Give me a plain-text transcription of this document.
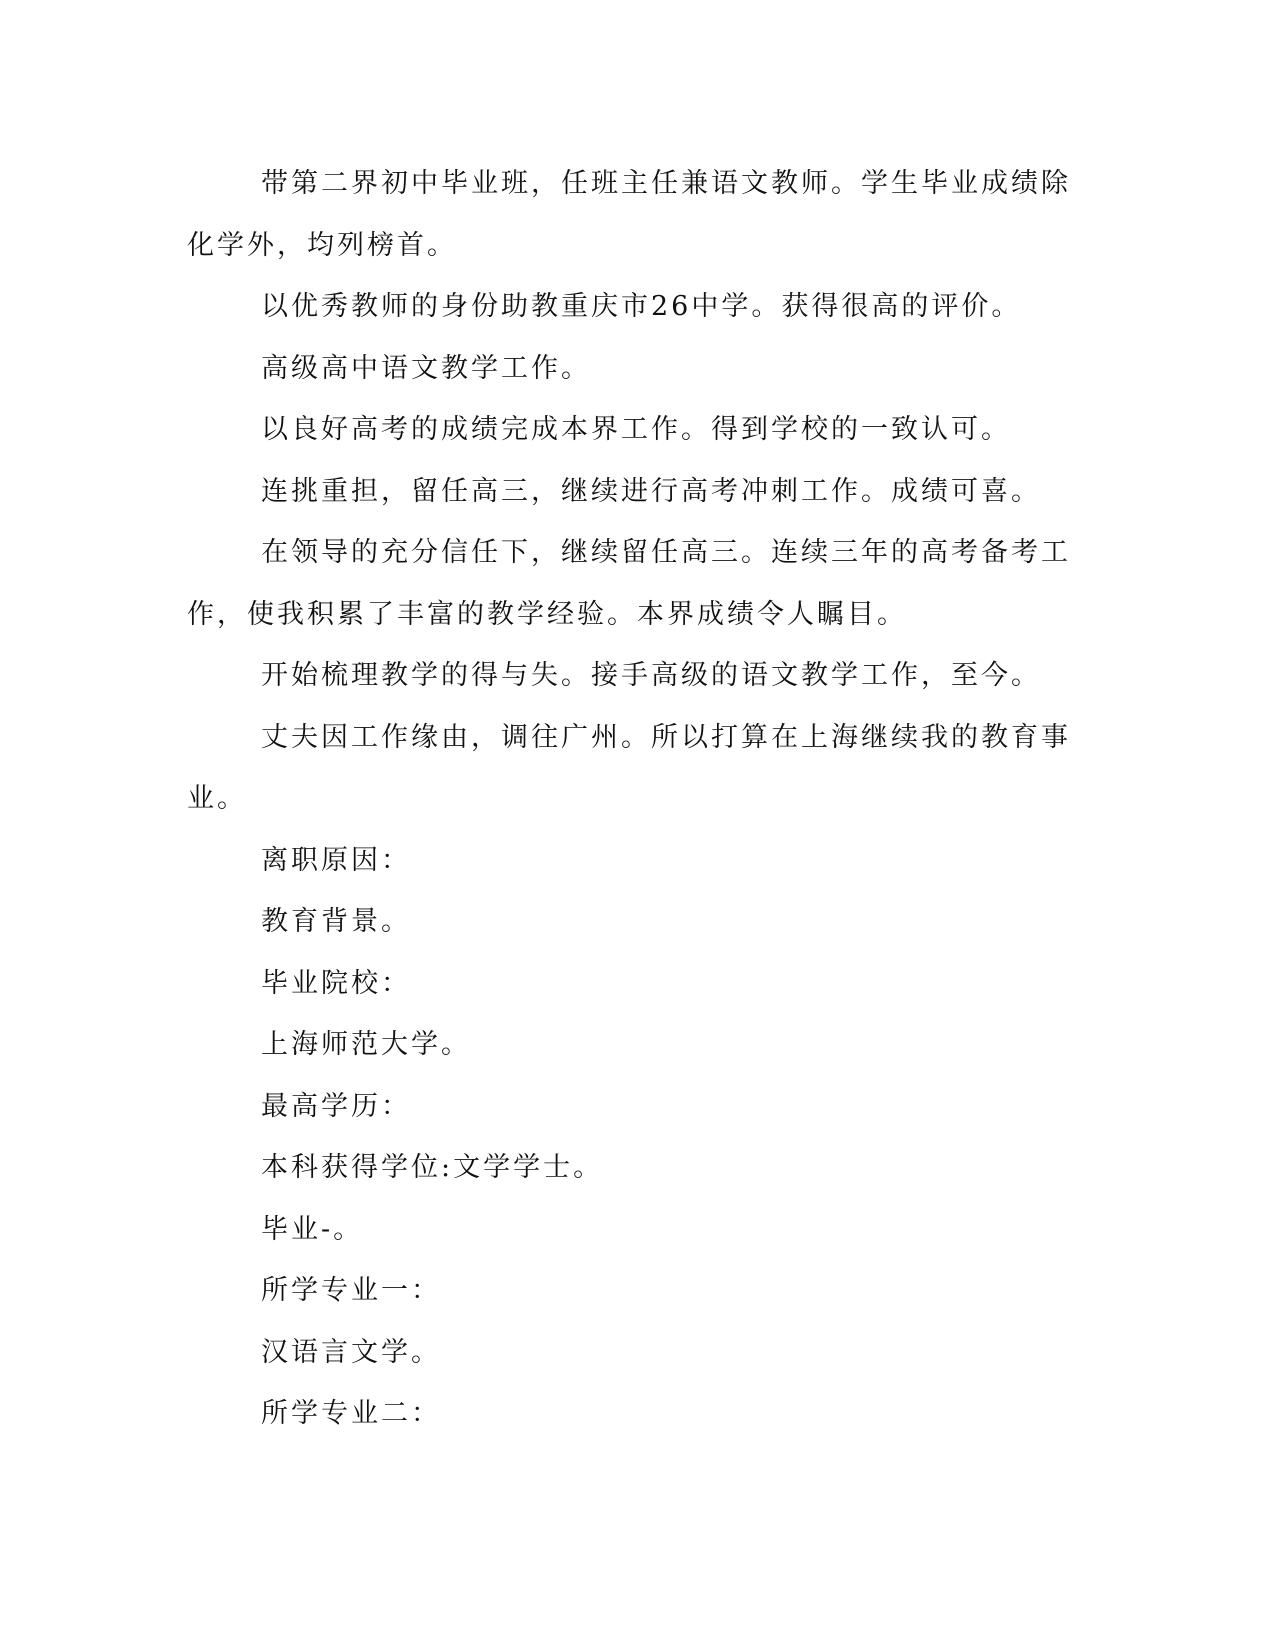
带第二界初中毕业班，任班主任兼语文教师。学生毕业成绩除化学外，均列榜首。

以优秀教师的身份助教重庆市26中学。获得很高的评价。

高级高中语文教学工作。

以良好高考的成绩完成本界工作。得到学校的一致认可。

连挑重担，留任高三，继续进行高考冲刺工作。成绩可喜。

在领导的充分信任下，继续留任高三。连续三年的高考备考工作，使我积累了丰富的教学经验。本界成绩令人瞩目。

开始梳理教学的得与失。接手高级的语文教学工作，至今。

丈夫因工作缘由，调往广州。所以打算在上海继续我的教育事业。

离职原因：

教育背景。

毕业院校：

上海师范大学。

最高学历：

本科获得学位:文学学士。

毕业-。

所学专业一：

汉语言文学。

所学专业二：
